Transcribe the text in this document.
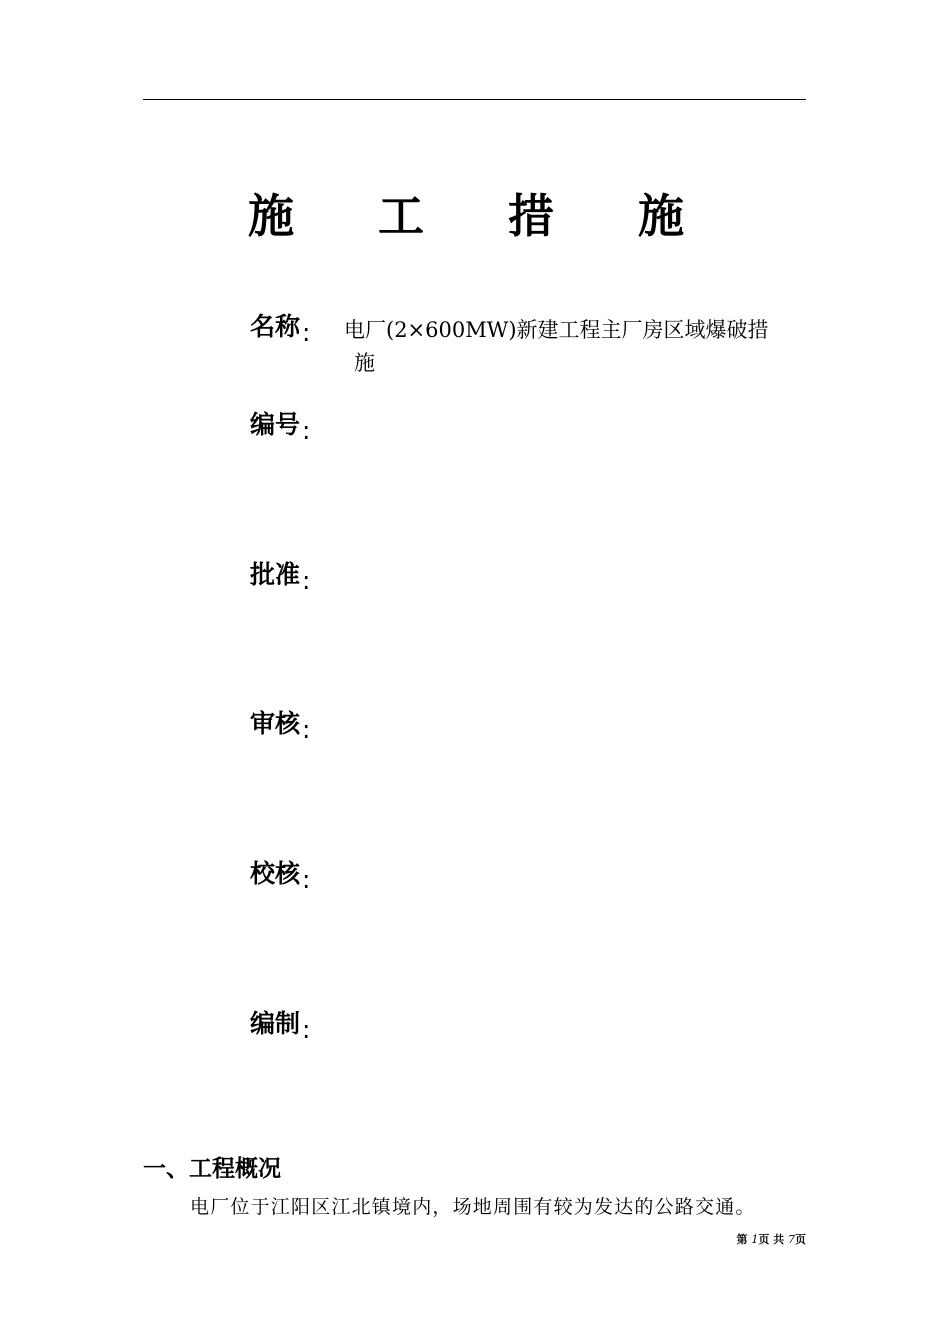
施 工 措 施
名称: 电厂(2×600MW)新建工程主厂房区域爆破措
施
编号:
批准:
审核:
校核:
编制:
一、工程概况
电厂位于江阳区江北镇境内，场地周围有较为发达的公路交通。
第 1页 共 7页
